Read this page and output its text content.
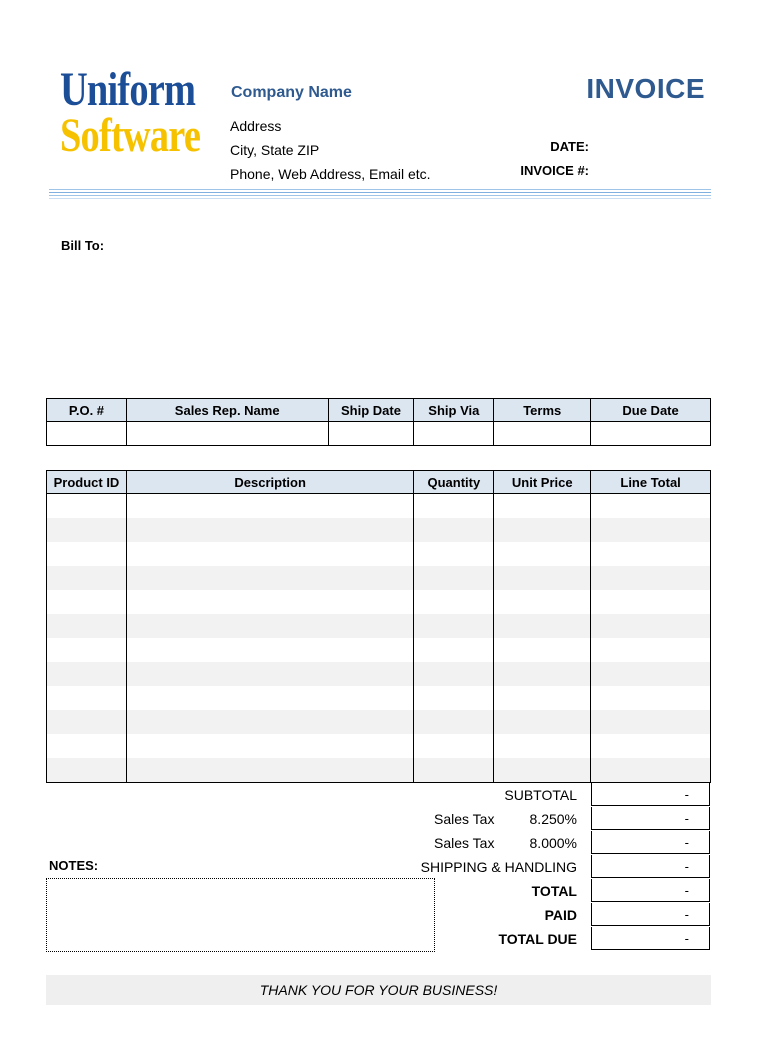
Uniform
Software
Company Name
Address
City, State ZIP
Phone, Web Address, Email etc.
INVOICE
DATE:
INVOICE #:
Bill To:
P.O. #	Sales Rep. Name	Ship Date	Ship Via	Terms	Due Date

Product ID	Description	Quantity	Unit Price	Line Total

SUBTOTAL	-
Sales Tax	8.250%	-
Sales Tax	8.000%	-
SHIPPING & HANDLING	-
TOTAL	-
PAID	-
TOTAL DUE	-
NOTES:
THANK YOU FOR YOUR BUSINESS!
